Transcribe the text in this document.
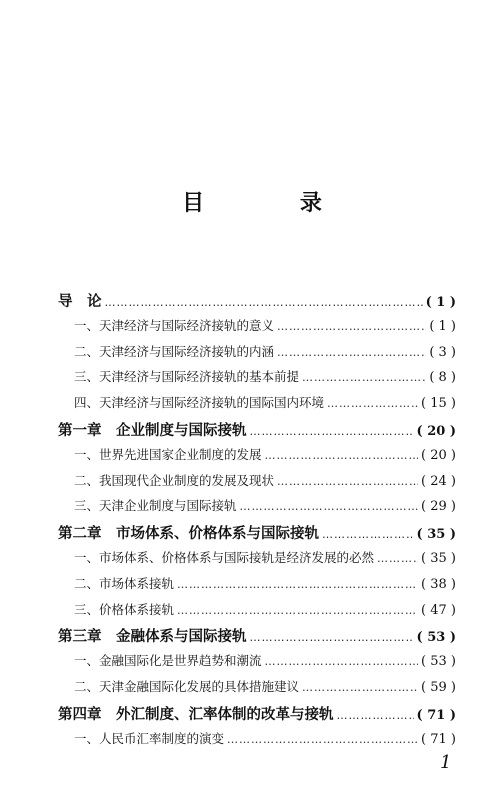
目 录
导　论 …………………………………………………………………………………………………………………………………………	( 1 )
一、天津经济与国际经济接轨的意义 …………………………………………………………………………………………………………………………………………	( 1 )
二、天津经济与国际经济接轨的内涵 …………………………………………………………………………………………………………………………………………	( 3 )
三、天津经济与国际经济接轨的基本前提 …………………………………………………………………………………………………………………………………………	( 8 )
四、天津经济与国际经济接轨的国际国内环境 …………………………………………………………………………………………………………………………………………	( 15 )
第一章　企业制度与国际接轨 …………………………………………………………………………………………………………………………………………	( 20 )
一、世界先进国家企业制度的发展 …………………………………………………………………………………………………………………………………………	( 20 )
二、我国现代企业制度的发展及现状 …………………………………………………………………………………………………………………………………………	( 24 )
三、天津企业制度与国际接轨 …………………………………………………………………………………………………………………………………………	( 29 )
第二章　市场体系、价格体系与国际接轨 …………………………………………………………………………………………………………………………………………	( 35 )
一、市场体系、价格体系与国际接轨是经济发展的必然 …………………………………………………………………………………………………………………………………………	( 35 )
二、市场体系接轨 …………………………………………………………………………………………………………………………………………	( 38 )
三、价格体系接轨 …………………………………………………………………………………………………………………………………………	( 47 )
第三章　金融体系与国际接轨 …………………………………………………………………………………………………………………………………………	( 53 )
一、金融国际化是世界趋势和潮流 …………………………………………………………………………………………………………………………………………	( 53 )
二、天津金融国际化发展的具体措施建议 …………………………………………………………………………………………………………………………………………	( 59 )
第四章　外汇制度、汇率体制的改革与接轨 …………………………………………………………………………………………………………………………………………	( 71 )
一、人民币汇率制度的演变 …………………………………………………………………………………………………………………………………………	( 71 )
1
